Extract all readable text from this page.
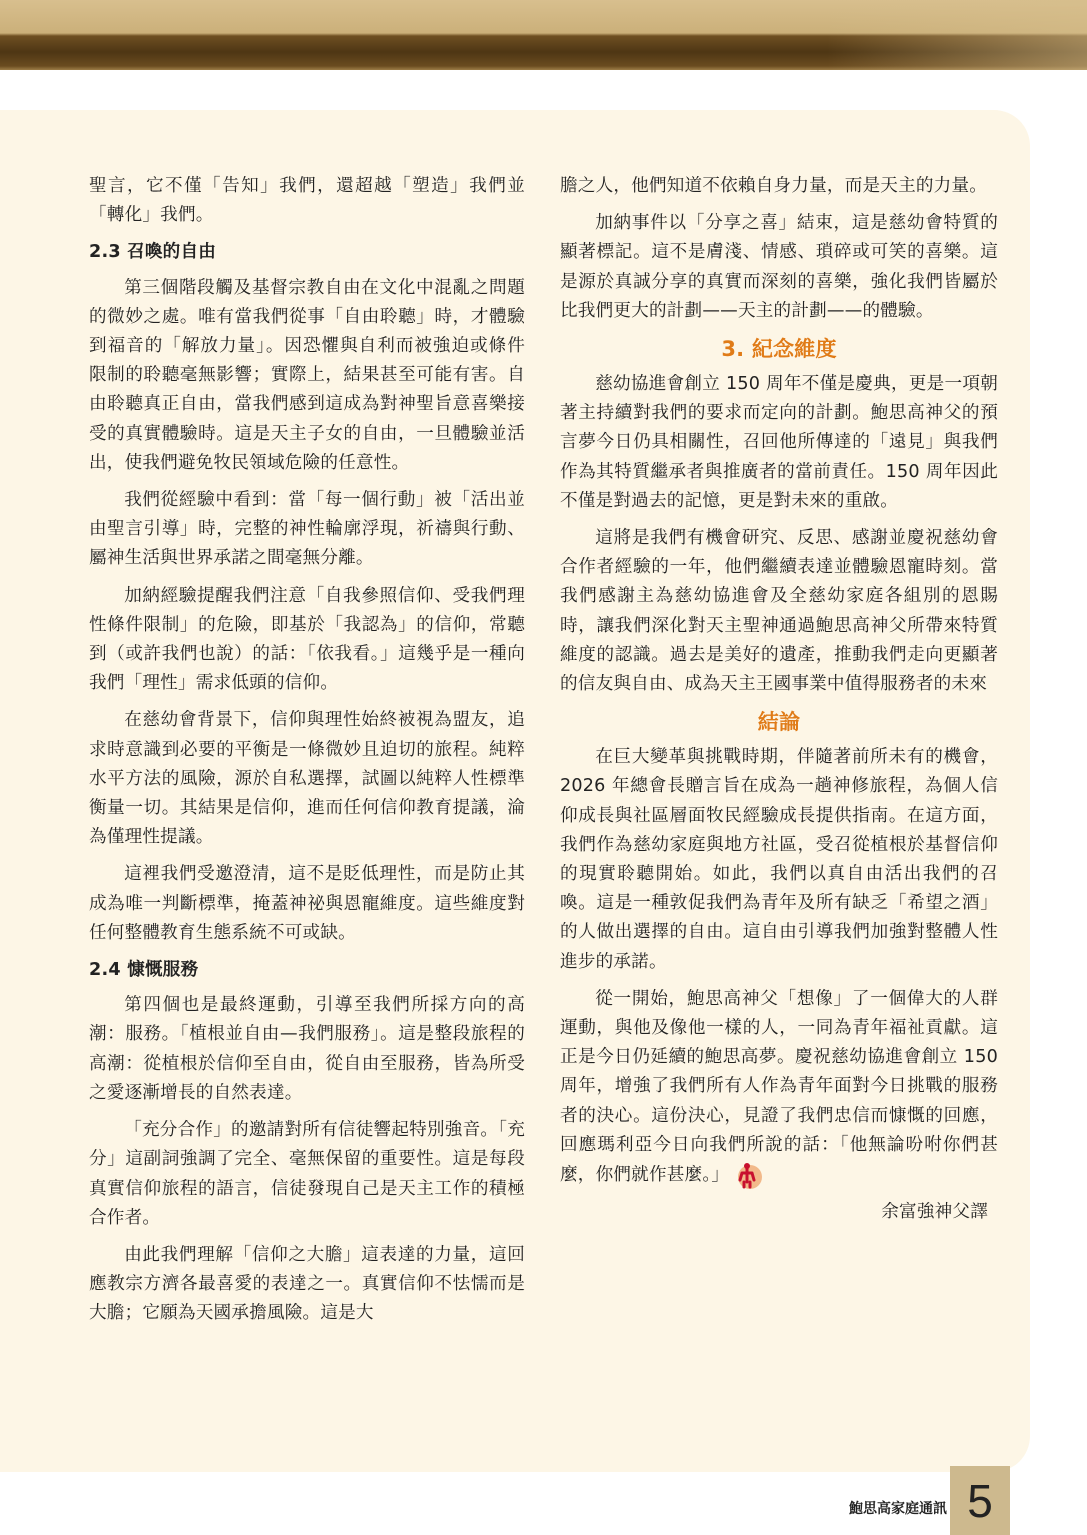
聖言，它不僅「告知」我們，還超越「塑造」我們並「轉化」我們。

2.3 召喚的自由

第三個階段觸及基督宗教自由在文化中混亂之問題的微妙之處。唯有當我們從事「自由聆聽」時，才體驗到福音的「解放力量」。因恐懼與自利而被強迫或條件限制的聆聽毫無影響；實際上，結果甚至可能有害。自由聆聽真正自由，當我們感到這成為對神聖旨意喜樂接受的真實體驗時。這是天主子女的自由，一旦體驗並活出，使我們避免牧民領域危險的任意性。

我們從經驗中看到：當「每一個行動」被「活出並由聖言引導」時，完整的神性輪廓浮現，祈禱與行動、屬神生活與世界承諾之間毫無分離。

加納經驗提醒我們注意「自我參照信仰、受我們理性條件限制」的危險，即基於「我認為」的信仰，常聽到（或許我們也說）的話：「依我看。」這幾乎是一種向我們「理性」需求低頭的信仰。

在慈幼會背景下，信仰與理性始終被視為盟友，追求時意識到必要的平衡是一條微妙且迫切的旅程。純粹水平方法的風險，源於自私選擇，試圖以純粹人性標準衡量一切。其結果是信仰，進而任何信仰教育提議，淪為僅理性提議。

這裡我們受邀澄清，這不是貶低理性，而是防止其成為唯一判斷標準，掩蓋神祕與恩寵維度。這些維度對任何整體教育生態系統不可或缺。

2.4 慷慨服務

第四個也是最終運動，引導至我們所採方向的高潮：服務。「植根並自由—我們服務」。這是整段旅程的高潮：從植根於信仰至自由，從自由至服務，皆為所受之愛逐漸增長的自然表達。

「充分合作」的邀請對所有信徒響起特別強音。「充分」這副詞強調了完全、毫無保留的重要性。這是每段真實信仰旅程的語言，信徒發現自己是天主工作的積極合作者。

由此我們理解「信仰之大膽」這表達的力量，這回應教宗方濟各最喜愛的表達之一。真實信仰不怯懦而是大膽；它願為天國承擔風險。這是大

膽之人，他們知道不依賴自身力量，而是天主的力量。

加納事件以「分享之喜」結束，這是慈幼會特質的顯著標記。這不是膚淺、情感、瑣碎或可笑的喜樂。這是源於真誠分享的真實而深刻的喜樂，強化我們皆屬於比我們更大的計劃——天主的計劃——的體驗。

3. 紀念維度

慈幼協進會創立 150 周年不僅是慶典，更是一項朝著主持續對我們的要求而定向的計劃。鮑思高神父的預言夢今日仍具相關性，召回他所傳達的「遠見」與我們作為其特質繼承者與推廣者的當前責任。150 周年因此不僅是對過去的記憶，更是對未來的重啟。

這將是我們有機會研究、反思、感謝並慶祝慈幼會合作者經驗的一年，他們繼續表達並體驗恩寵時刻。當我們感謝主為慈幼協進會及全慈幼家庭各組別的恩賜時，讓我們深化對天主聖神通過鮑思高神父所帶來特質維度的認識。過去是美好的遺產，推動我們走向更顯著的信友與自由、成為天主王國事業中值得服務者的未來

結論

在巨大變革與挑戰時期，伴隨著前所未有的機會，2026 年總會長贈言旨在成為一趟神修旅程，為個人信仰成長與社區層面牧民經驗成長提供指南。在這方面，我們作為慈幼家庭與地方社區，受召從植根於基督信仰的現實聆聽開始。如此，我們以真自由活出我們的召喚。這是一種敦促我們為青年及所有缺乏「希望之酒」的人做出選擇的自由。這自由引導我們加強對整體人性進步的承諾。

從一開始，鮑思高神父「想像」了一個偉大的人群運動，與他及像他一樣的人，一同為青年福祉貢獻。這正是今日仍延續的鮑思高夢。慶祝慈幼協進會創立 150 周年，增強了我們所有人作為青年面對今日挑戰的服務者的決心。這份決心，見證了我們忠信而慷慨的回應，回應瑪利亞今日向我們所說的話：「他無論吩咐你們甚麼，你們就作甚麼。」

余富強神父譯
鮑思高家庭通訊 5
